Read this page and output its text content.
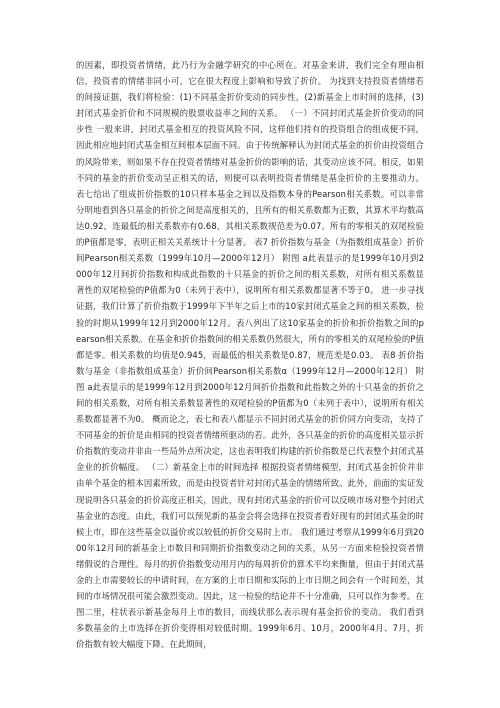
的因素，即投资者情绪，此乃行为金融学研究的中心所在。对基金来讲，我们完全有理由相信，投资者的情绪非同小可，它在很大程度上影响和导致了折价。 为找到支持投资者情绪若的间接证据，我们将检验：(1)不同基金折价变动的同步性，(2)新基金上市时间的选择，(3)封闭式基金折价和不同规模的股票收益率之间的关系。 （一）不同封闭式基金折价变动的同步性 一般来讲，封闭式基金相互的投资风险不同，这样他们持有的投资组合的组成便不同，因此相应地封闭式基金相互间根本层面不同。由于传统解释认为封闭式基金的折价由投资组合的风险带来，则如果不存在投资者情绪对基金折价的影响的话，其变动应该不同。相反，如果不同的基金的折价变动呈正相关的话，则便可以表明投资者情绪是基金折价的主要推动力。 表七给出了组成折价指数的10只样本基金之间以及指数本身的Pearson相关系数。可以非常分明地看到各只基金的折价之间是高度相关的，且所有的相关系数都为正数，其算术平均数高达0.92，连最低的相关系数亦有0.68，其相关系数规范差为0.07。所有的零相关的双尾检验的P值都是零，表明正相关关系统计十分显著。 表7 折价指数与基金（为指数组成基金）折价间Pearson相关系数（1999年10月—2000年12月） 附图 a此表显示的是1999年10月到2000年12月间折价指数和构成此指数的十只基金的折价之间的相关系数，对所有相关系数显著性的双尾检验的P值都为0（未列于表中），说明所有相关系数都显著不等于0。 进一步寻找证据，我们计算了折价指数于1999年下半年之后上市的10家封闭式基金之间的相关系数，检验的时期从1999年12月到2000年12月。表八列出了这10家基金的折价和折价指数之间的pearson相关系数。在基金和折价指数间的相关系数仍然很大，所有的零相关的双尾检验的P值都是零。相关系数的均值是0.945，而最低的相关系数是0.87，规范差是0.03。 表8 折价指数与基金（非指数组成基金）折价间Pearson相关系数α（1999年12月—2000年12月） 附图 a此表显示的是1999年12月到2000年12月间折价指数和此指数之外的十只基金的折价之间的相关系数，对所有相关系数显著性的双尾检验的P值都为0（未列于表中），说明所有相关系数都显著不为0。 概而论之，表七和表八都显示不同封闭式基金的折价同方向变动，支持了不同基金的折价是由相同的投资者情绪所驱动的若。此外，各只基金的折价的高度相关显示折价指数的变动并非由一些局外点所决定，这也表明我们构建的折价指数是已代表整个封闭式基金业的折价幅度。 （二）新基金上市的时间选择 根据投资者情绪模型，封闭式基金折价并非由单个基金的根本因素所致，而是由投资者针对封闭式基金的情绪所致。此外，前面的实证发现说明各只基金的折价高度正相关，因此，现有封闭式基金的折价可以反映市场对整个封闭式基金业的态度。由此，我们可以预见新的基金会将会选择在投资者看好现有的封闭式基金的时候上市，即在这些基金以溢价或以较低的折价交易时上市。 我们通过考察从1999年6月到2000年12月间的新基金上市数目和同期折价指数变动之间的关系，从另一方面来检验投资者情绪假说的合理性。每月的折价指数变动用月内的每周折价的算术平均来衡量，但由于封闭式基金的上市需要较长的申请时间，在方案的上市日期和实际的上市日期之间会有一个时间差，其间的市场情况很可能会激烈变动。因此，这一检验的结论并不十分准确，只可以作为参考。在图二里，柱状表示新基金每月上市的数目，而线状那么表示现有基金折价的变动。 我们看到多数基金的上市选择在折价变得相对较低时期。1999年6月、10月，2000年4月、7月，折价指数有较大幅度下降。在此期间，
